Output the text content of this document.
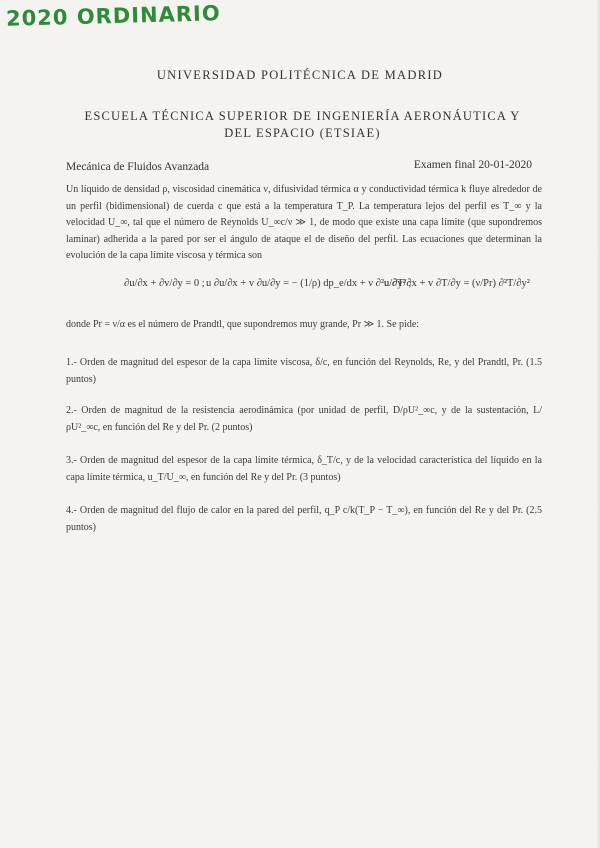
2020 ORDINARIO
UNIVERSIDAD POLITÉCNICA DE MADRID
ESCUELA TÉCNICA SUPERIOR DE INGENIERÍA AERONÁUTICA Y DEL ESPACIO (ETSIAE)
Mecánica de Fluidos Avanzada	Examen final 20-01-2020
Un líquido de densidad ρ, viscosidad cinemática ν, difusividad térmica α y conductividad térmica k fluye alrededor de un perfil (bidimensional) de cuerda c que está a la temperatura T_P. La temperatura lejos del perfil es T_∞ y la velocidad U_∞, tal que el número de Reynolds U_∞c/ν ≫ 1, de modo que existe una capa límite (que supondremos laminar) adherida a la pared por ser el ángulo de ataque el de diseño del perfil. Las ecuaciones que determinan la evolución de la capa límite viscosa y térmica son
∂u/∂x + ∂v/∂y = 0 ; u ∂u/∂x + v ∂u/∂y = − (1/ρ) dp_e/dx + ν ∂²u/∂y² ;
u ∂T/∂x + v ∂T/∂y = (ν/Pr) ∂²T/∂y²
donde Pr = ν/α es el número de Prandtl, que supondremos muy grande, Pr ≫ 1. Se pide:
1.- Orden de magnitud del espesor de la capa límite viscosa, δ/c, en función del Reynolds, Re, y del Prandtl, Pr. (1.5 puntos)
2.- Orden de magnitud de la resistencia aerodinámica (por unidad de perfil, D/ρU²_∞c, y de la sustentación, L/ρU²_∞c, en función del Re y del Pr. (2 puntos)
3.- Orden de magnitud del espesor de la capa límite térmica, δ_T/c, y de la velocidad característica del líquido en la capa límite térmica, u_T/U_∞, en función del Re y del Pr. (3 puntos)
4.- Orden de magnitud del flujo de calor en la pared del perfil, q_P c/k(T_P − T_∞), en función del Re y del Pr. (2.5 puntos)
